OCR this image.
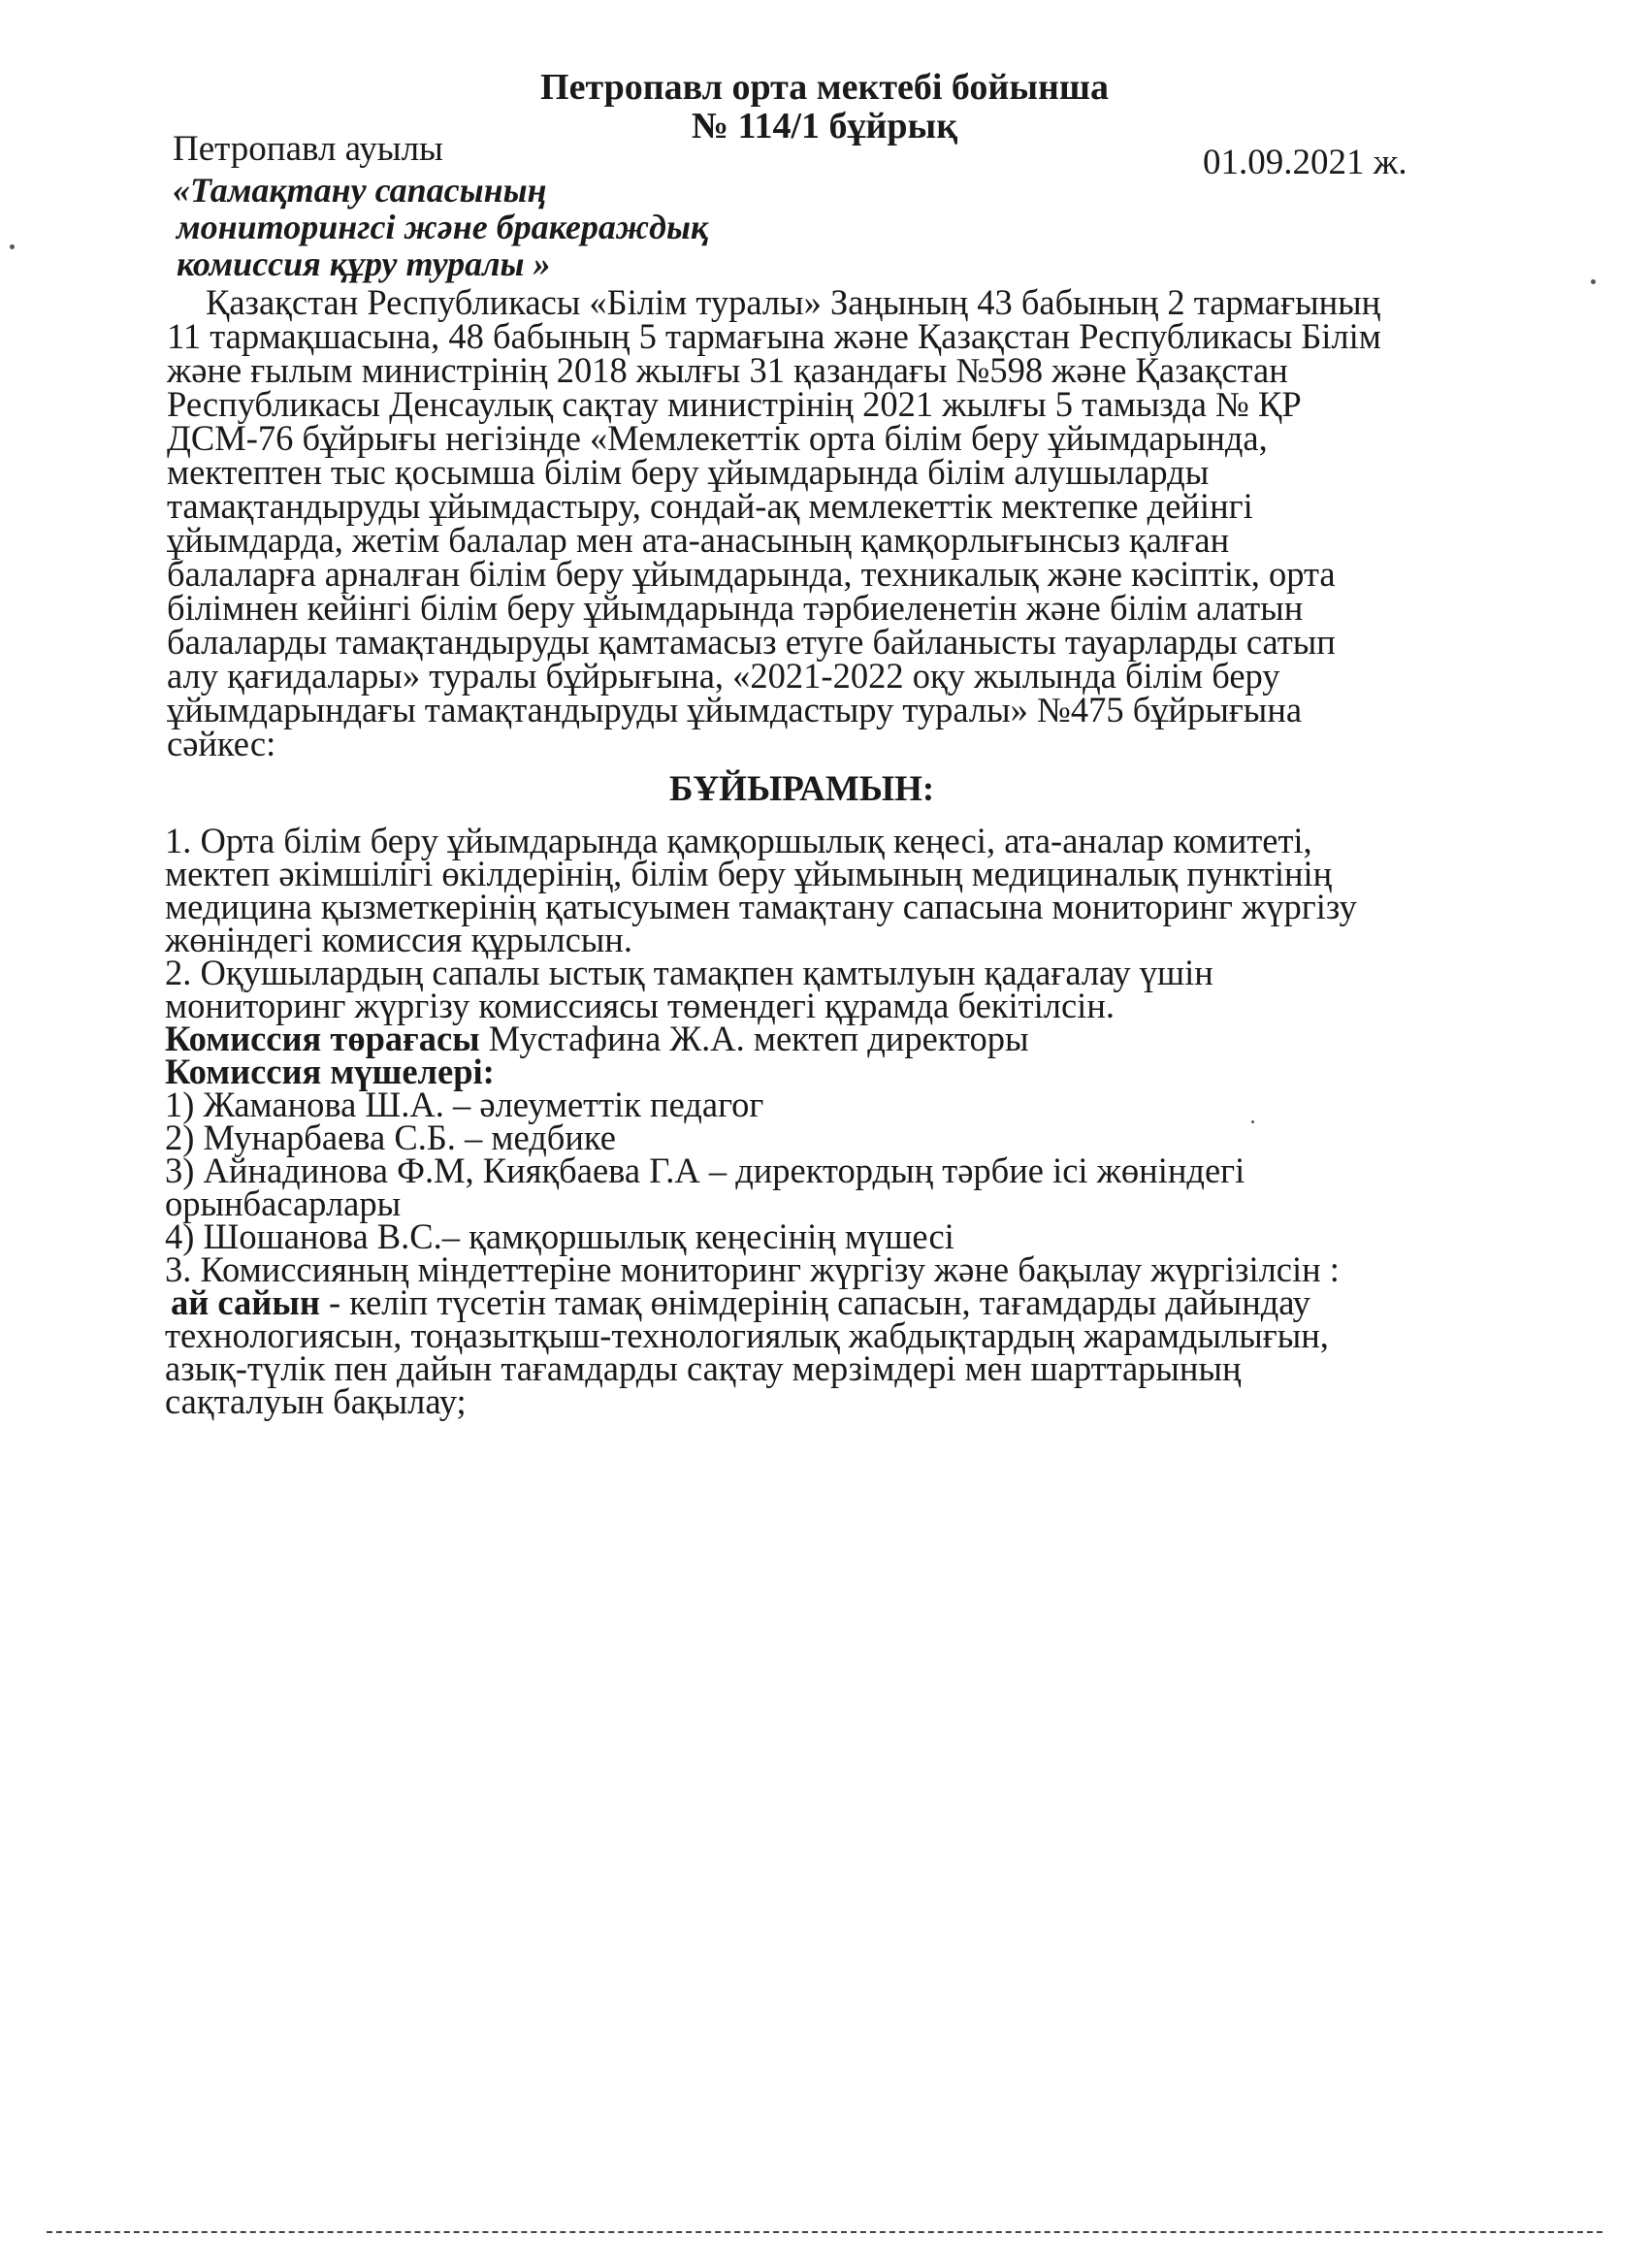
Петропавл орта мектебі бойынша
№ 114/1 бұйрық
Петропавл ауылы	01.09.2021 ж.
«Тамақтану сапасының
мониторингсі және бракераждық
комиссия құру туралы »
Қазақстан Республикасы «Білім туралы» Заңының 43 бабының 2 тармағының
11 тармақшасына, 48 бабының 5 тармағына және Қазақстан Республикасы Білім
және ғылым министрінің 2018 жылғы 31 қазандағы №598 және Қазақстан
Республикасы Денсаулық сақтау министрінің 2021 жылғы 5 тамызда № ҚР
ДСМ-76 бұйрығы негізінде «Мемлекеттік орта білім беру ұйымдарында,
мектептен тыс қосымша білім беру ұйымдарында білім алушыларды
тамақтандыруды ұйымдастыру, сондай-ақ мемлекеттік мектепке дейінгі
ұйымдарда, жетім балалар мен ата-анасының қамқорлығынсыз қалған
балаларға арналған білім беру ұйымдарында, техникалық және кәсіптік, орта
білімнен кейінгі білім беру ұйымдарында тәрбиеленетін және білім алатын
балаларды тамақтандыруды қамтамасыз етуге байланысты тауарларды сатып
алу қағидалары» туралы бұйрығына, «2021-2022 оқу жылында білім беру
ұйымдарындағы тамақтандыруды ұйымдастыру туралы» №475 бұйрығына
сәйкес:
БҰЙЫРАМЫН:
1. Орта білім беру ұйымдарында қамқоршылық кеңесі, ата-аналар комитеті,
мектеп әкімшілігі өкілдерінің, білім беру ұйымының медициналық пунктінің
медицина қызметкерінің қатысуымен тамақтану сапасына мониторинг жүргізу
жөніндегі комиссия құрылсын.
2. Оқушылардың сапалы ыстық тамақпен қамтылуын қадағалау үшін
мониторинг жүргізу комиссиясы төмендегі құрамда бекітілсін.
Комиссия төрағасы Мустафина Ж.А. мектеп директоры
Комиссия мүшелері:
1) Жаманова Ш.А. – әлеуметтік педагог
2) Мунарбаева С.Б. – медбике
3) Айнадинова Ф.М, Кияқбаева Г.А – директордың тәрбие ісі жөніндегі
орынбасарлары
4) Шошанова В.С.– қамқоршылық кеңесінің мүшесі
3. Комиссияның міндеттеріне мониторинг жүргізу және бақылау жүргізілсін :
ай сайын - келіп түсетін тамақ өнімдерінің сапасын, тағамдарды дайындау
технологиясын, тоңазытқыш-технологиялық жабдықтардың жарамдылығын,
азық-түлік пен дайын тағамдарды сақтау мерзімдері мен шарттарының
сақталуын бақылау;
